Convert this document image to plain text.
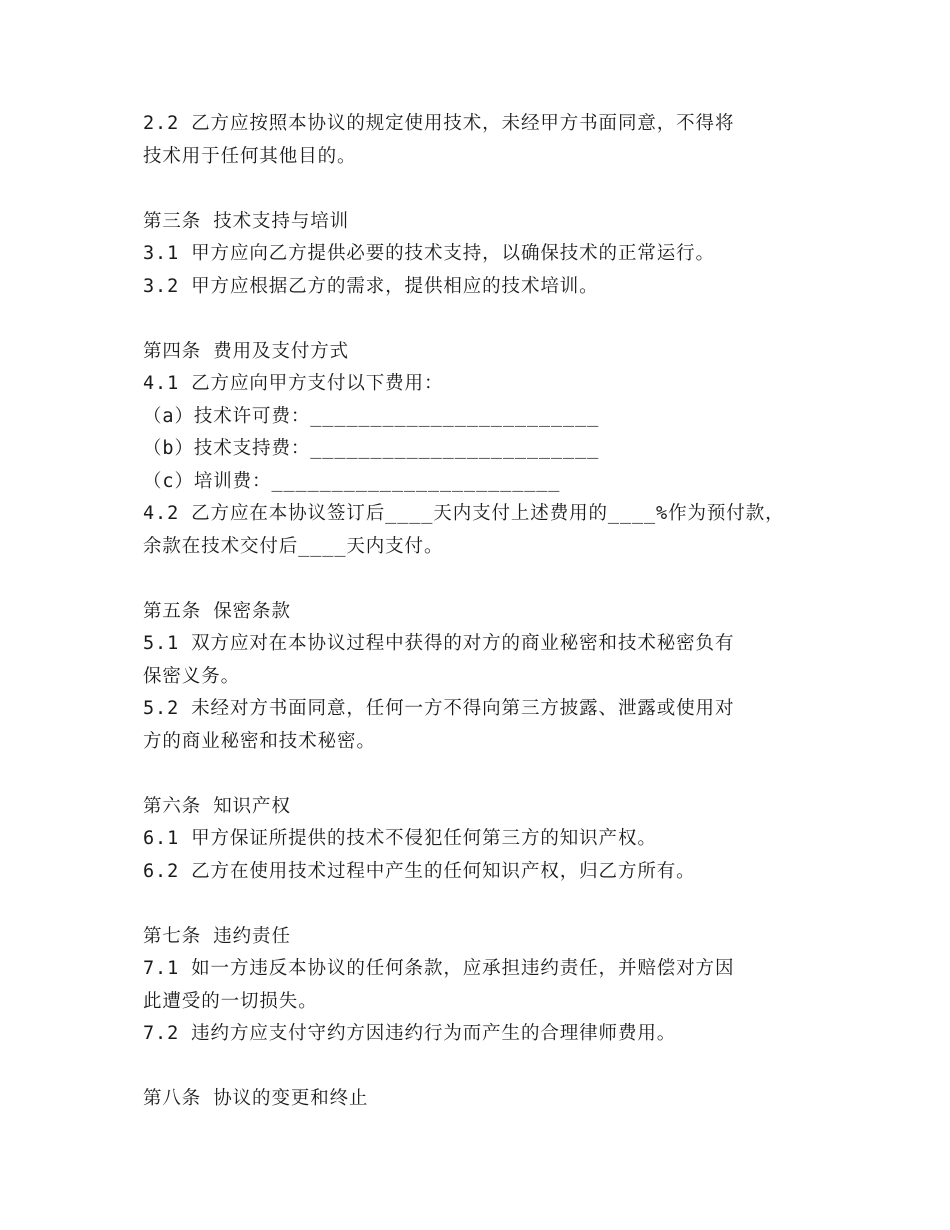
2.2 乙方应按照本协议的规定使用技术，未经甲方书面同意，不得将
技术用于任何其他目的。
第三条 技术支持与培训
3.1 甲方应向乙方提供必要的技术支持，以确保技术的正常运行。
3.2 甲方应根据乙方的需求，提供相应的技术培训。
第四条 费用及支付方式
4.1 乙方应向甲方支付以下费用：
（a）技术许可费：________________________
（b）技术支持费：________________________
（c）培训费：________________________
4.2 乙方应在本协议签订后____天内支付上述费用的____%作为预付款，
余款在技术交付后____天内支付。
第五条 保密条款
5.1 双方应对在本协议过程中获得的对方的商业秘密和技术秘密负有
保密义务。
5.2 未经对方书面同意，任何一方不得向第三方披露、泄露或使用对
方的商业秘密和技术秘密。
第六条 知识产权
6.1 甲方保证所提供的技术不侵犯任何第三方的知识产权。
6.2 乙方在使用技术过程中产生的任何知识产权，归乙方所有。
第七条 违约责任
7.1 如一方违反本协议的任何条款，应承担违约责任，并赔偿对方因
此遭受的一切损失。
7.2 违约方应支付守约方因违约行为而产生的合理律师费用。
第八条 协议的变更和终止
